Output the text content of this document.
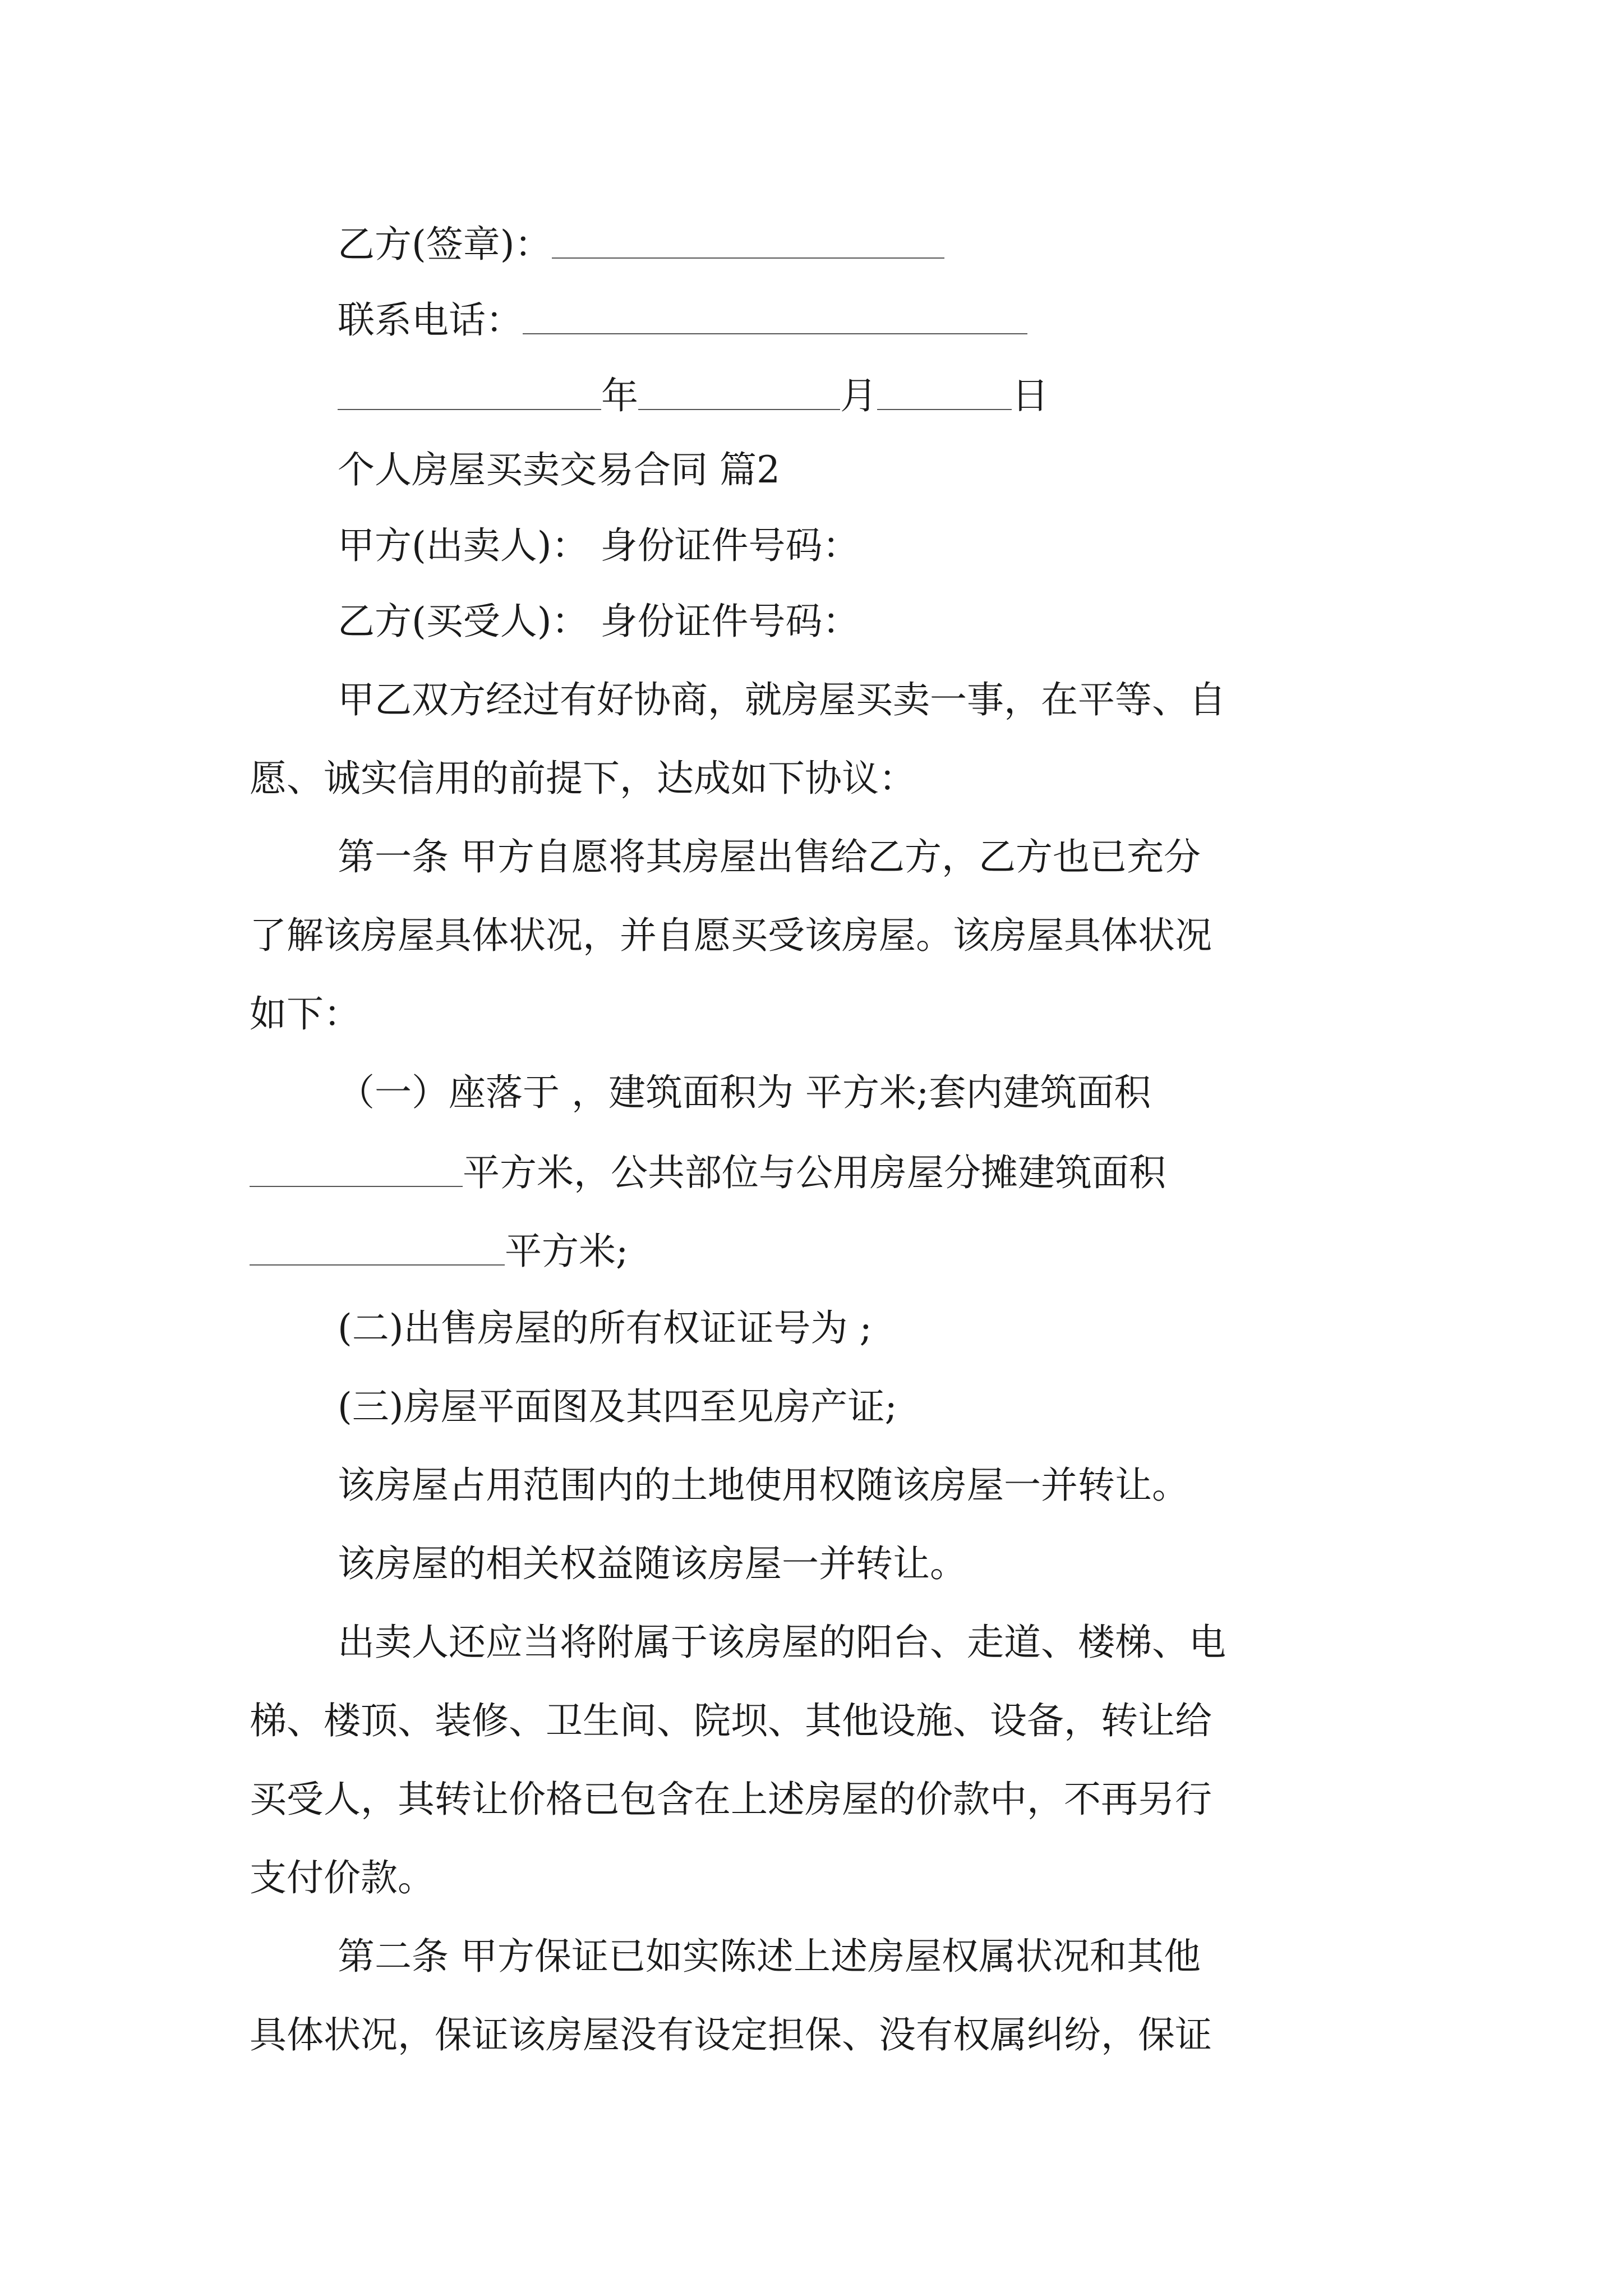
乙方(签章)：
联系电话：
年	月	日
个人房屋买卖交易合同 篇2
甲方(出卖人)： 身份证件号码：
乙方(买受人)： 身份证件号码：
甲乙双方经过有好协商，就房屋买卖一事，在平等、自
愿、诚实信用的前提下，达成如下协议：
第一条 甲方自愿将其房屋出售给乙方，乙方也已充分
了解该房屋具体状况，并自愿买受该房屋。该房屋具体状况
如下：
（一）座落于 ，建筑面积为 平方米;套内建筑面积
平方米，公共部位与公用房屋分摊建筑面积
平方米;
(二)出售房屋的所有权证证号为 ;
(三)房屋平面图及其四至见房产证;
该房屋占用范围内的土地使用权随该房屋一并转让。
该房屋的相关权益随该房屋一并转让。
出卖人还应当将附属于该房屋的阳台、走道、楼梯、电
梯、楼顶、装修、卫生间、院坝、其他设施、设备，转让给
买受人，其转让价格已包含在上述房屋的价款中，不再另行
支付价款。
第二条 甲方保证已如实陈述上述房屋权属状况和其他
具体状况，保证该房屋没有设定担保、没有权属纠纷，保证
